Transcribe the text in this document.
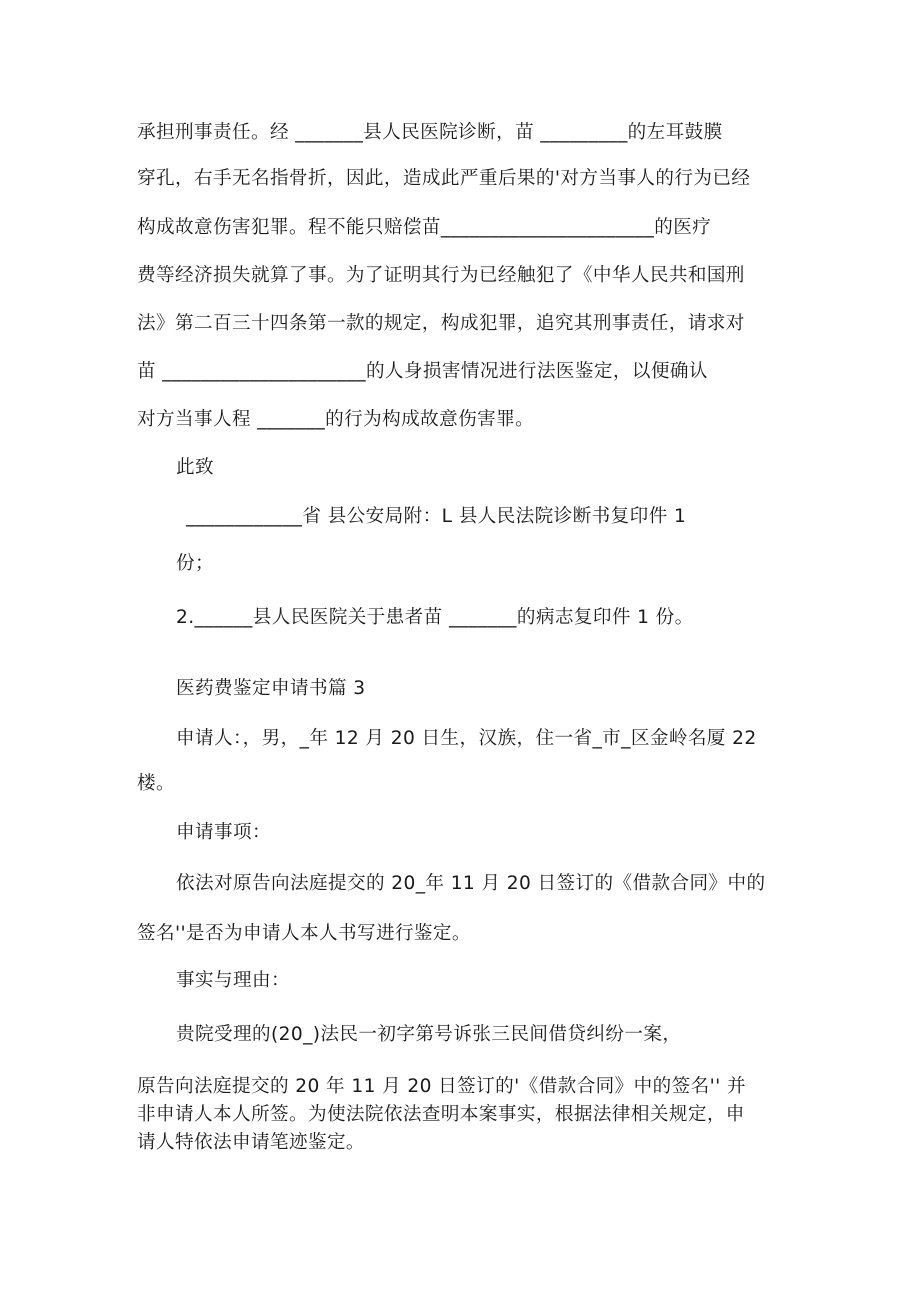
承担刑事责任。经 _______县人民医院诊断，苗 _________的左耳鼓膜

穿孔，右手无名指骨折，因此，造成此严重后果的'对方当事人的行为已经

构成故意伤害犯罪。程不能只赔偿苗______________________的医疗

费等经济损失就算了事。为了证明其行为已经触犯了《中华人民共和国刑

法》第二百三十四条第一款的规定，构成犯罪，追究其刑事责任，请求对

苗 _____________________的人身损害情况进行法医鉴定，以便确认

对方当事人程 _______的行为构成故意伤害罪。

此致

____________省 县公安局附：L 县人民法院诊断书复印件 1

份；

2.______县人民医院关于患者苗 _______的病志复印件 1 份。

医药费鉴定申请书篇 3

申请人：，男，_年 12 月 20 日生，汉族，住一省_市_区金岭名厦 22

楼。

申请事项：

依法对原告向法庭提交的 20_年 11 月 20 日签订的《借款合同》中的

签名''是否为申请人本人书写进行鉴定。

事实与理由：

贵院受理的(20_)法民一初字第号诉张三民间借贷纠纷一案，

原告向法庭提交的 20 年 11 月 20 日签订的'《借款合同》中的签名'' 并

非申请人本人所签。为使法院依法查明本案事实，根据法律相关规定，申

请人特依法申请笔迹鉴定。
